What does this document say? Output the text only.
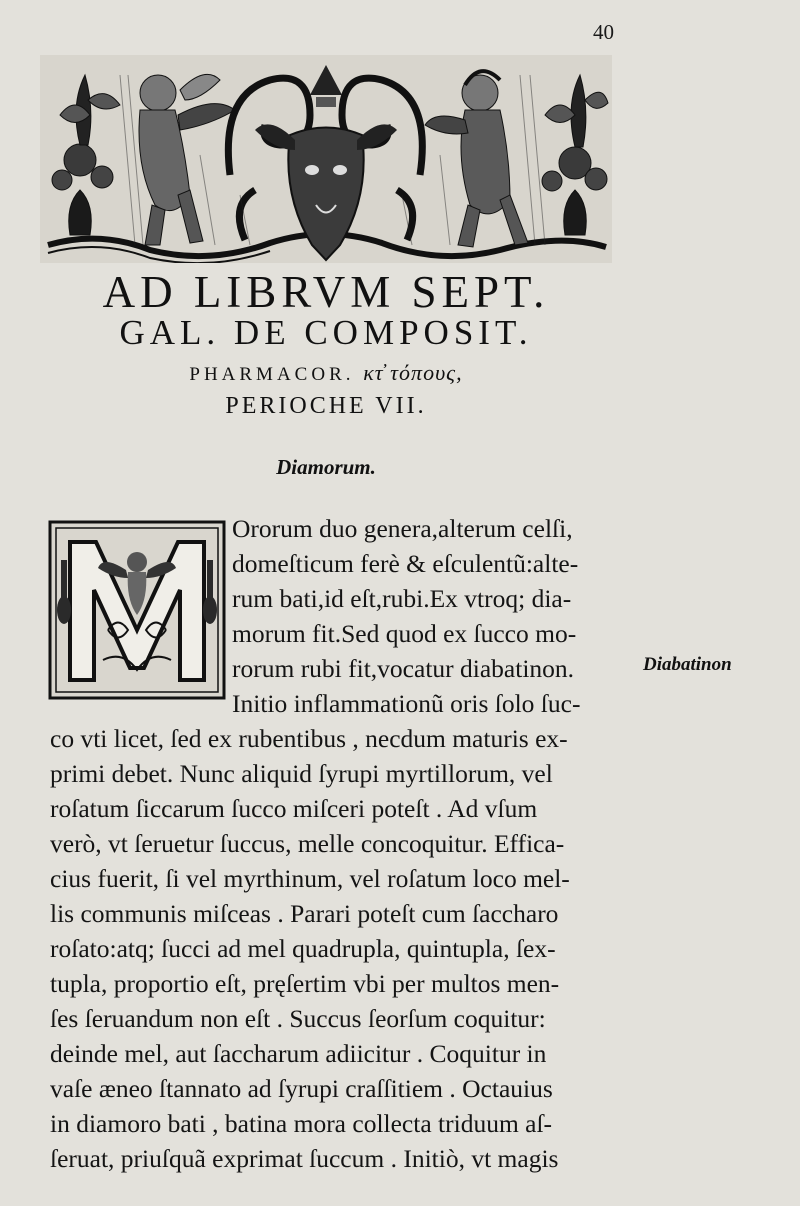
40
AD LIBRVM SEPT.
GAL. DE COMPOSIT.
PHARMACOR. κτ̓ τόπους,
PERIOCHE VII.
Diamorum.
Ororum duo genera,alterum celſi,
domeſticum ferè & eſculentũ:alte-
rum bati,id eſt,rubi.Ex vtroq; dia-
morum fit.Sed quod ex ſucco mo-
rorum rubi fit,vocatur diabatinon.
Initio inflammationũ oris ſolo ſuc-
co vti licet, ſed ex rubentibus , necdum maturis ex-
primi debet. Nunc aliquid ſyrupi myrtillorum, vel
roſatum ſiccarum ſucco miſceri poteſt . Ad vſum
verò, vt ſeruetur ſuccus, melle concoquitur. Effica-
cius fuerit, ſi vel myrthinum, vel roſatum loco mel-
lis communis miſceas . Parari poteſt cum ſaccharo
roſato:atq; ſucci ad mel quadrupla, quintupla, ſex-
tupla, proportio eſt, pręſertim vbi per multos men-
ſes ſeruandum non eſt . Succus ſeorſum coquitur:
deinde mel, aut ſaccharum adiicitur . Coquitur in
vaſe æneo ſtannato ad ſyrupi craſſitiem . Octauius
in diamoro bati , batina mora collecta triduum aſ-
ſeruat, priuſquã exprimat ſuccum . Initiò, vt magis
Diabatinon
